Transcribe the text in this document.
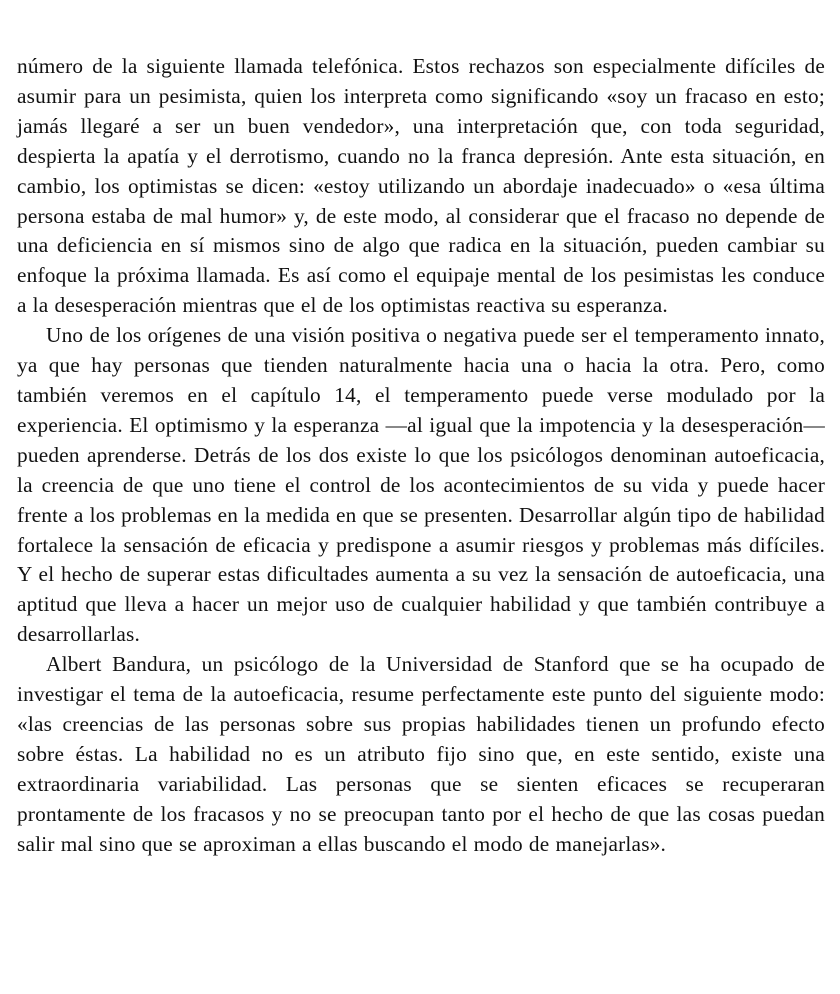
número de la siguiente llamada telefónica. Estos rechazos son especialmente difíciles de asumir para un pesimista, quien los interpreta como significando «soy un fracaso en esto; jamás llegaré a ser un buen vendedor», una interpretación que, con toda seguridad, despierta la apatía y el derrotismo, cuando no la franca depresión. Ante esta situación, en cambio, los optimistas se dicen: «estoy utilizando un abordaje inadecuado» o «esa última persona estaba de mal humor» y, de este modo, al considerar que el fracaso no depende de una deficiencia en sí mismos sino de algo que radica en la situación, pueden cambiar su enfoque la próxima llamada. Es así como el equipaje mental de los pesimistas les conduce a la desesperación mientras que el de los optimistas reactiva su esperanza.

Uno de los orígenes de una visión positiva o negativa puede ser el temperamento innato, ya que hay personas que tienden naturalmente hacia una o hacia la otra. Pero, como también veremos en el capítulo 14, el temperamento puede verse modulado por la experiencia. El optimismo y la esperanza —al igual que la impotencia y la desesperación— pueden aprenderse. Detrás de los dos existe lo que los psicólogos denominan autoeficacia, la creencia de que uno tiene el control de los acontecimientos de su vida y puede hacer frente a los problemas en la medida en que se presenten. Desarrollar algún tipo de habilidad fortalece la sensación de eficacia y predispone a asumir riesgos y problemas más difíciles. Y el hecho de superar estas dificultades aumenta a su vez la sensación de autoeficacia, una aptitud que lleva a hacer un mejor uso de cualquier habilidad y que también contribuye a desarrollarlas.

Albert Bandura, un psicólogo de la Universidad de Stanford que se ha ocupado de investigar el tema de la autoeficacia, resume perfectamente este punto del siguiente modo: «las creencias de las personas sobre sus propias habilidades tienen un profundo efecto sobre éstas. La habilidad no es un atributo fijo sino que, en este sentido, existe una extraordinaria variabilidad. Las personas que se sienten eficaces se recuperaran prontamente de los fracasos y no se preocupan tanto por el hecho de que las cosas puedan salir mal sino que se aproximan a ellas buscando el modo de manejarlas».
